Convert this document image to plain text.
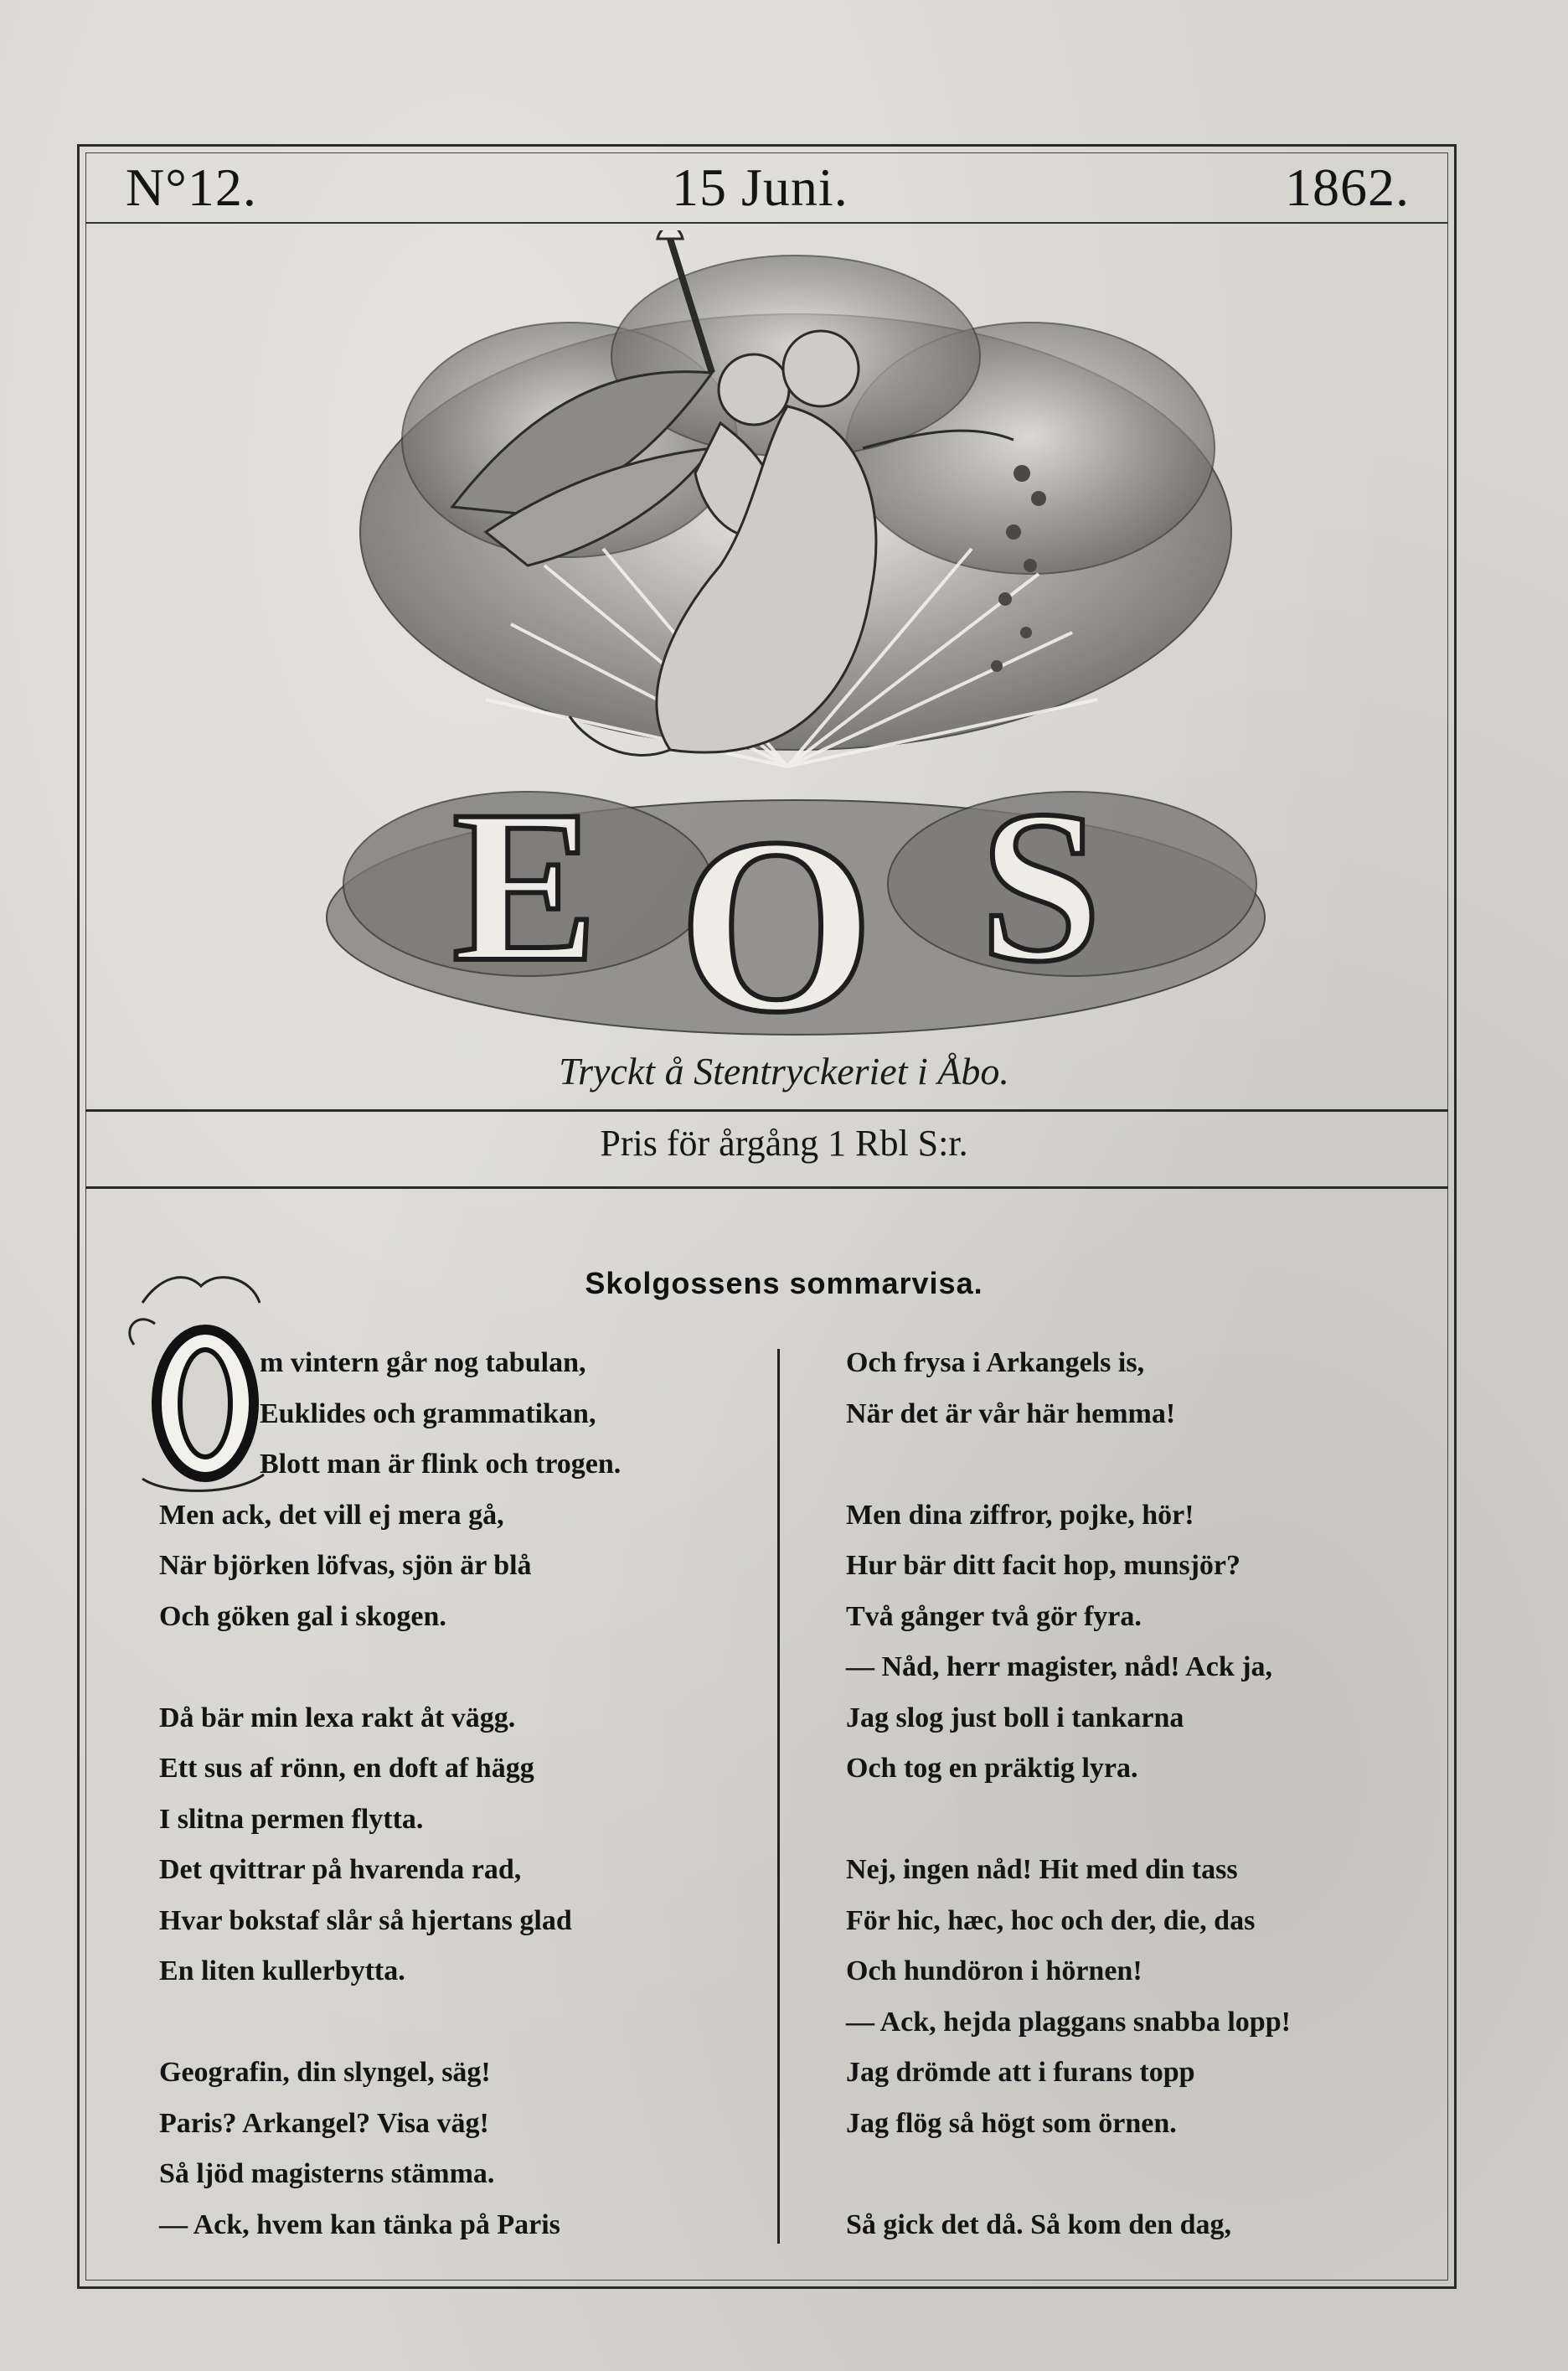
N°12.	15 Juni.	1862.
E O S
Tryckt å Stentryckeriet i Åbo.
Pris för årgång 1 Rbl S:r.
Skolgossens sommarvisa.
m vintern går nog tabulan,
Euklides och grammatikan,
Blott man är flink och trogen.
Men ack, det vill ej mera gå,
När björken löfvas, sjön är blå
Och göken gal i skogen.
Då bär min lexa rakt åt vägg.
Ett sus af rönn, en doft af hägg
I slitna permen flytta.
Det qvittrar på hvarenda rad,
Hvar bokstaf slår så hjertans glad
En liten kullerbytta.
Geografin, din slyngel, säg!
Paris? Arkangel? Visa väg!
Så ljöd magisterns stämma.
— Ack, hvem kan tänka på Paris
Och frysa i Arkangels is,
När det är vår här hemma!
Men dina ziffror, pojke, hör!
Hur bär ditt facit hop, munsjör?
Två gånger två gör fyra.
— Nåd, herr magister, nåd! Ack ja,
Jag slog just boll i tankarna
Och tog en präktig lyra.
Nej, ingen nåd! Hit med din tass
För hic, hæc, hoc och der, die, das
Och hundöron i hörnen!
— Ack, hejda plaggans snabba lopp!
Jag drömde att i furans topp
Jag flög så högt som örnen.
Så gick det då. Så kom den dag,
